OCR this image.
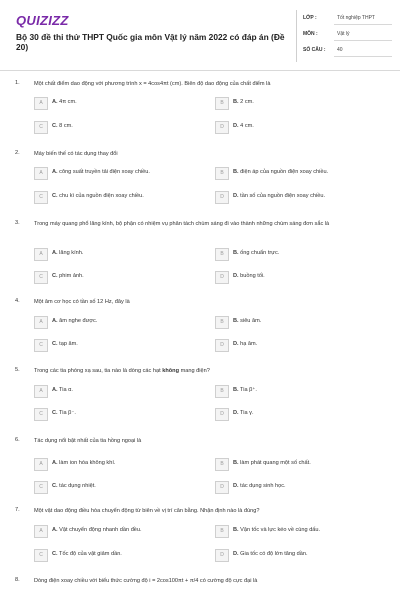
QUIZIZZ
Bộ 30 đề thi thử THPT Quốc gia môn Vật lý năm 2022 có đáp án (Đề 20)
LỚP :	Tốt nghiệp THPT
MÔN :	Vật lý
SỐ CÂU : 40
1.	Một chất điểm dao động với phương trình x = 4cos4πt (cm). Biên độ dao động của chất điểm là
A	A. 4π cm.	B	B. 2 cm.
C	C. 8 cm.	D	D. 4 cm.
2.	Máy biến thế có tác dụng thay đổi
A	A. công suất truyền tải điện xoay chiều.	B	B. điện áp của nguồn điện xoay chiều.
C	C. chu kì của nguồn điện xoay chiều.	D	D. tần số của nguồn điện xoay chiều.
3.	Trong máy quang phổ lăng kính, bộ phận có nhiệm vụ phân tách chùm sáng đi vào thành những chùm sáng đơn sắc là
A	A. lăng kính.	B	B. ống chuẩn trực.
C	C. phim ảnh.	D	D. buồng tối.
4.	Một âm cơ học có tần số 12 Hz, đây là
A	A. âm nghe được.	B	B. siêu âm.
C	C. tạp âm.	D	D. hạ âm.
5.	Trong các tia phóng xạ sau, tia nào là dòng các hạt không mang điện?
A	A. Tia α.	B	B. Tia β⁺.
C	C. Tia β⁻.	D	D. Tia γ.
6.	Tác dụng nổi bật nhất của tia hồng ngoại là
A	A. làm ion hóa không khí.	B	B. làm phát quang một số chất.
C	C. tác dụng nhiệt.	D	D. tác dụng sinh học.
7.	Một vật dao động điều hòa chuyển động từ biên về vị trí cân bằng. Nhận định nào là đúng?
A	A. Vật chuyển động nhanh dần đều.	B	B. Vận tốc và lực kéo về cùng dấu.
C	C. Tốc độ của vật giảm dần.	D	D. Gia tốc có độ lớn tăng dần.
8.	Dòng điện xoay chiều với biểu thức cường độ i = 2cos100πt + π/4 có cường độ cực đại là
